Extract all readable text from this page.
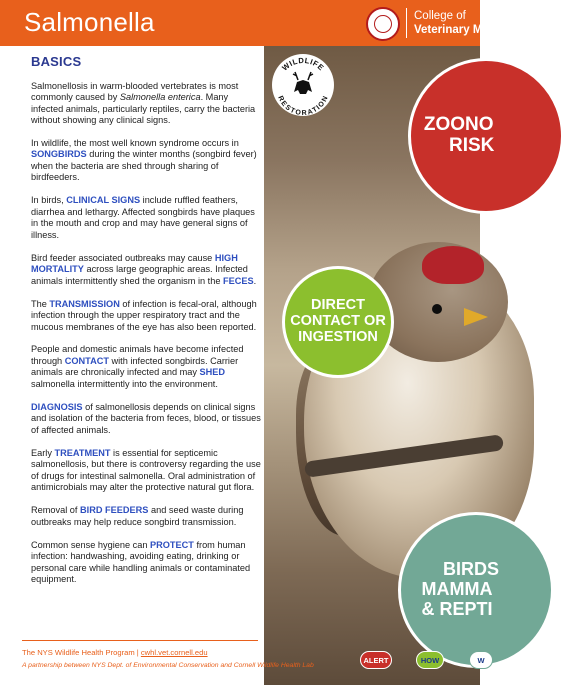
Salmonella	College of
Veterinary M
WILDLIFE
RESTORATION
ZOONO
RISK
DIRECT
CONTACT OR
INGESTION
BIRDS
MAMMA
& REPTI
BASICS

Salmonellosis in warm-blooded vertebrates is most commonly caused by Salmonella enterica. Many infected animals, particularly reptiles, carry the bacteria without showing any clinical signs.

In wildlife, the most well known syndrome occurs in SONGBIRDS during the winter months (songbird fever) when the bacteria are shed through sharing of birdfeeders.

In birds, CLINICAL SIGNS include ruffled feathers, diarrhea and lethargy. Affected songbirds have plaques in the mouth and crop and may have general signs of illness.

Bird feeder associated outbreaks may cause HIGH MORTALITY across large geographic areas. Infected animals intermittently shed the organism in the FECES.

The TRANSMISSION of infection is fecal-oral, although infection through the upper respiratory tract and the mucous membranes of the eye has also been reported.

People and domestic animals have become infected through CONTACT with infected songbirds. Carrier animals are chronically infected and may SHED salmonella intermittently into the environment.

DIAGNOSIS of salmonellosis depends on clinical signs and isolation of the bacteria from feces, blood, or tissues of affected animals.

Early TREATMENT is essential for septicemic salmonellosis, but there is controversy regarding the use of drugs for intestinal salmonella. Oral administration of antimicrobials may alter the protective natural gut flora.

Removal of BIRD FEEDERS and seed waste during outbreaks may help reduce songbird transmission.

Common sense hygiene can PROTECT from human infection: handwashing, avoiding eating, drinking or personal care while handling animals or contaminated equipment.

The NYS Wildlife Health Program | cwhl.vet.cornell.edu
A partnership between NYS Dept. of Environmental Conservation and Cornell Wildlife Health Lab
ALERT	HOW	W
